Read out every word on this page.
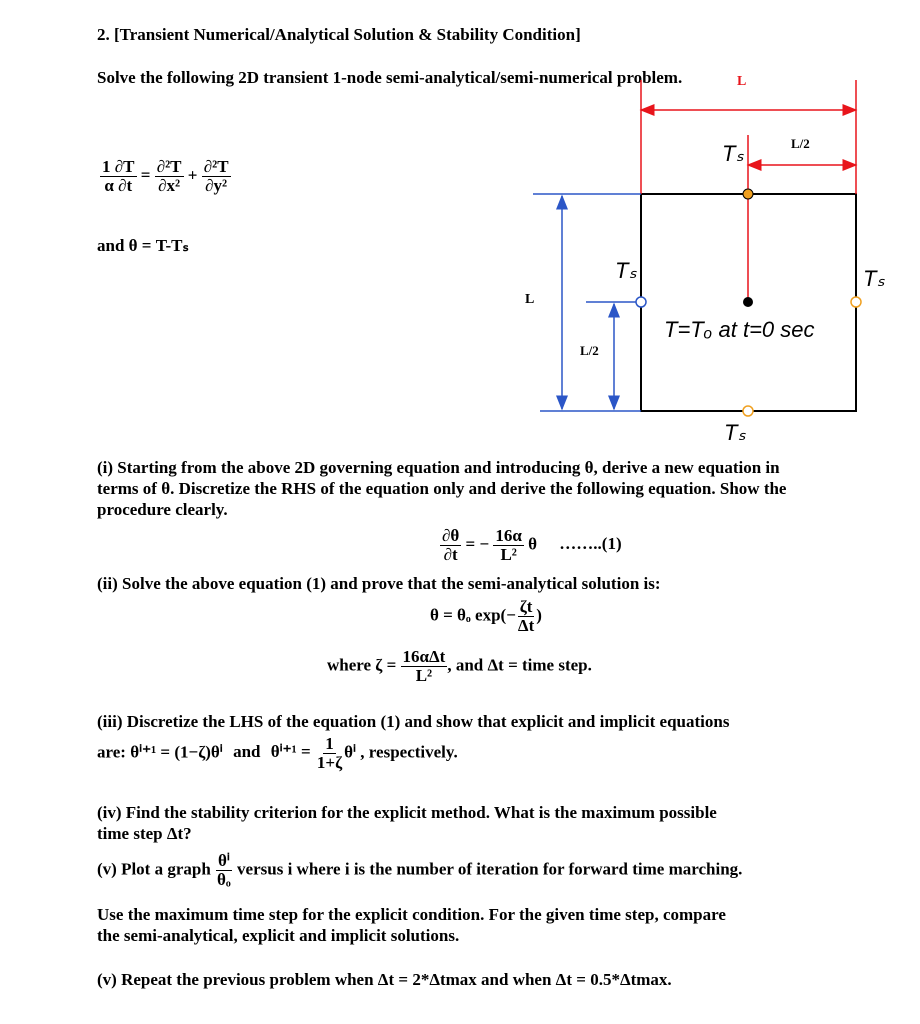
2. [Transient Numerical/Analytical Solution & Stability Condition]
Solve the following 2D transient 1-node semi-analytical/semi-numerical problem.
$\frac{1 \partial T}{\alpha \partial t} = \frac{\text{∂²T}}{\text{∂x²}} + \frac{\text{∂²T}}{\text{∂y²}}$
and θ = T-Tₛ
L
L/2
Tₛ
Tₛ	Tₛ
Tₛ
L
L/2
T=Tₒ at t=0 sec
(i) Starting from the above 2D governing equation and introducing θ, derive a new equation in terms of θ. Discretize the RHS of the equation only and derive the following equation. Show the procedure clearly.
$\frac{\partial\theta}{\partial t}$ = − $\frac{16\alpha}{\text{L²}}$ θ ……..(1)
(ii) Solve the above equation (1) and prove that the semi-analytical solution is:
θ = θₒ $\exp(- \frac{\zeta t}{\Delta t}$ )
where $\zeta = \frac{\text{16αΔt}}{\text{L²}}$ , and Δt = time step.
(iii) Discretize the LHS of the equation (1) and show that explicit and implicit equations
are: θⁱ⁺¹ = (1−ζ)θⁱ and $\theta^{i+1} = \frac{1}{1+\zeta}$ θⁱ , respectively.
(iv) Find the stability criterion for the explicit method. What is the maximum possible
time step Δt?
(v) Plot a graph $\frac{\text{θⁱ}}{\text{θₒ}}$ versus i where i is the number of iteration for forward time marching.
Use the maximum time step for the explicit condition. For the given time step, compare
the semi-analytical, explicit and implicit solutions.
(v) Repeat the previous problem when Δt = 2*Δtmax and when Δt = 0.5*Δtmax.
